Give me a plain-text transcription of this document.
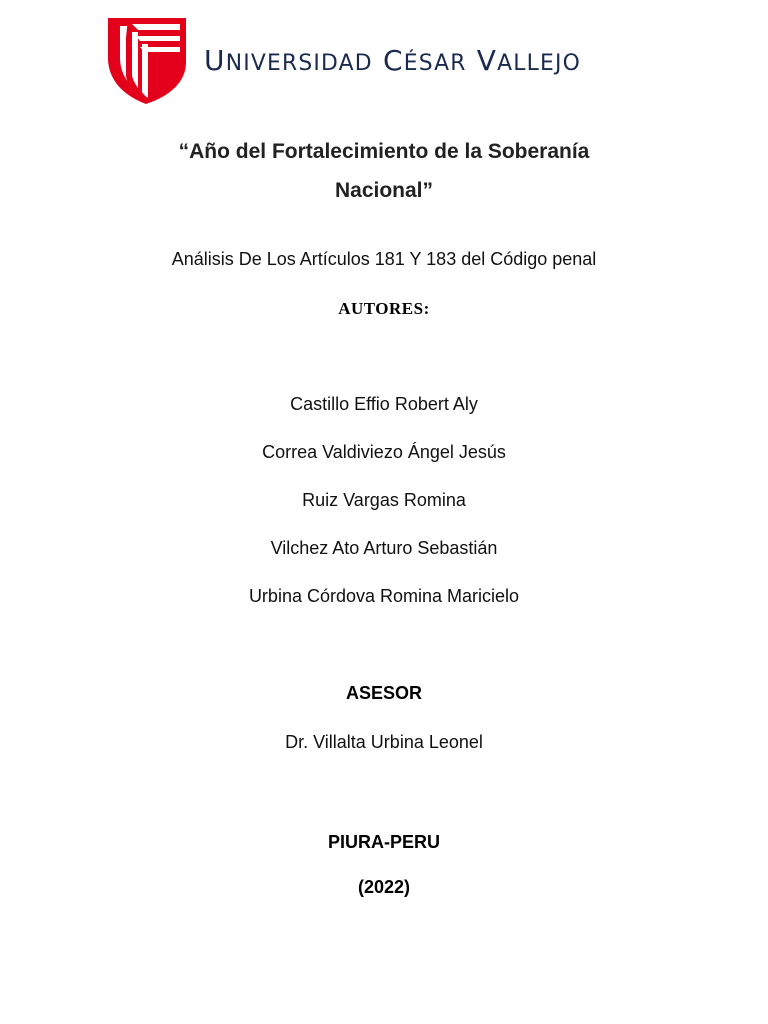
UNIVERSIDAD CÉSAR VALLEJO
“Año del Fortalecimiento de la Soberanía
Nacional”
Análisis De Los Artículos 181 Y 183 del Código penal
AUTORES:
Castillo Effio Robert Aly
Correa Valdiviezo Ángel Jesús
Ruiz Vargas Romina
Vilchez Ato Arturo Sebastián
Urbina Córdova Romina Maricielo
ASESOR
Dr. Villalta Urbina Leonel
PIURA-PERU
(2022)
